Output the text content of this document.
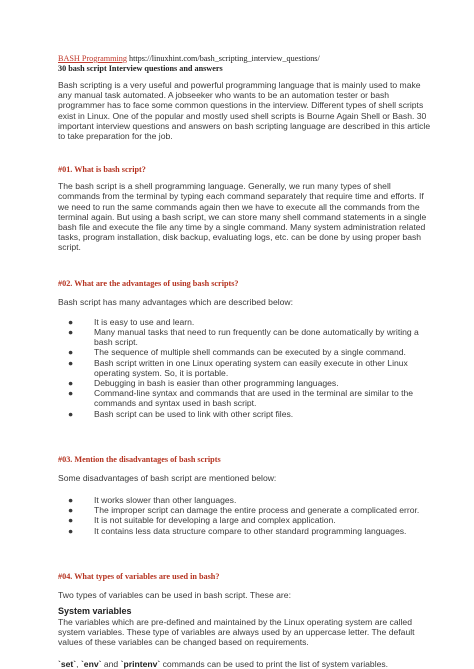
BASH Programming https://linuxhint.com/bash_scripting_interview_questions/
30 bash script Interview questions and answers

Bash scripting is a very useful and powerful programming language that is mainly used to make any manual task automated. A jobseeker who wants to be an automation tester or bash programmer has to face some common questions in the interview. Different types of shell scripts exist in Linux. One of the popular and mostly used shell scripts is Bourne Again Shell or Bash. 30 important interview questions and answers on bash scripting language are described in this article to take preparation for the job.

#01. What is bash script?

The bash script is a shell programming language. Generally, we run many types of shell commands from the terminal by typing each command separately that require time and efforts. If we need to run the same commands again then we have to execute all the commands from the terminal again. But using a bash script, we can store many shell command statements in a single bash file and execute the file any time by a single command. Many system administration related tasks, program installation, disk backup, evaluating logs, etc. can be done by using proper bash script.

#02. What are the advantages of using bash scripts?

Bash script has many advantages which are described below:

● It is easy to use and learn.
● Many manual tasks that need to run frequently can be done automatically by writing a bash script.
● The sequence of multiple shell commands can be executed by a single command.
● Bash script written in one Linux operating system can easily execute in other Linux operating system. So, it is portable.
● Debugging in bash is easier than other programming languages.
● Command-line syntax and commands that are used in the terminal are similar to the commands and syntax used in bash script.
● Bash script can be used to link with other script files.
#03. Mention the disadvantages of bash scripts

Some disadvantages of bash script are mentioned below:

● It works slower than other languages.
● The improper script can damage the entire process and generate a complicated error.
● It is not suitable for developing a large and complex application.
● It contains less data structure compare to other standard programming languages.
#04. What types of variables are used in bash?

Two types of variables can be used in bash script. These are:

System variables

The variables which are pre-defined and maintained by the Linux operating system are called system variables. These type of variables are always used by an uppercase letter. The default values of these variables can be changed based on requirements.

`set`, `env` and `printenv` commands can be used to print the list of system variables.
